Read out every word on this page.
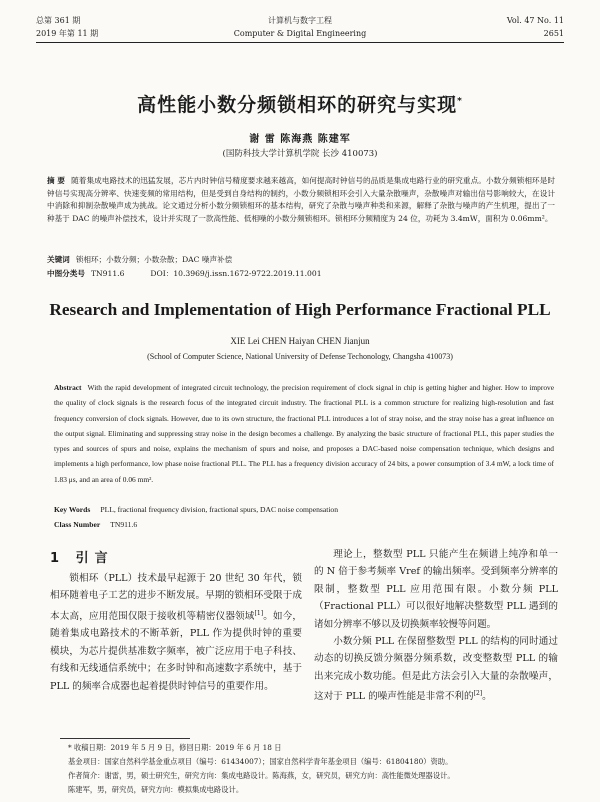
总第 361 期
2019 年第 11 期
计算机与数字工程
Computer & Digital Engineering
Vol. 47 No. 11
2651
高性能小数分频锁相环的研究与实现*
谢 雷 陈海燕 陈建军
(国防科技大学计算机学院 长沙 410073)
摘 要 随着集成电路技术的迅猛发展，芯片内时钟信号精度要求越来越高，如何提高时钟信号的品质是集成电路行业的研究重点。小数分频锁相环是时钟信号实现高分辨率、快速变频的常用结构，但是受到自身结构的制约，小数分频锁相环会引入大量杂散噪声，杂散噪声对输出信号影响较大，在设计中消除和抑制杂散噪声成为挑战。论文通过分析小数分频锁相环的基本结构，研究了杂散与噪声种类和来源，解释了杂散与噪声的产生机理，提出了一种基于 DAC 的噪声补偿技术，设计并实现了一款高性能、低相噪的小数分频锁相环。锁相环分频精度为 24 位，功耗为 3.4mW，面积为 0.06mm²。
关键词 锁相环；小数分频；小数杂散；DAC 噪声补偿
中图分类号 TN911.6	DOI：10.3969/j.issn.1672-9722.2019.11.001
Research and Implementation of High Performance Fractional PLL
XIE Lei CHEN Haiyan CHEN Jianjun
(School of Computer Science, National University of Defense Techonology, Changsha 410073)
Abstract With the rapid development of integrated circuit technology, the precision requirement of clock signal in chip is getting higher and higher. How to improve the quality of clock signals is the research focus of the integrated circuit industry. The fractional PLL is a common structure for realizing high-resolution and fast frequency conversion of clock signals. However, due to its own structure, the fractional PLL introduces a lot of stray noise, and the stray noise has a great influence on the output signal. Eliminating and suppressing stray noise in the design becomes a challenge. By analyzing the basic structure of fractional PLL, this paper studies the types and sources of spurs and noise, explains the mechanism of spurs and noise, and proposes a DAC-based noise compensation technique, which designs and implements a high performance, low phase noise fractional PLL. The PLL has a frequency division accuracy of 24 bits, a power consumption of 3.4 mW, a lock time of 1.83 μs, and an area of 0.06 mm².
Key Words PLL, fractional frequency division, fractional spurs, DAC noise compensation
Class Number TN911.6
1 引言
锁相环（PLL）技术最早起源于 20 世纪 30 年代，锁相环随着电子工艺的进步不断发展。早期的锁相环受限于成本太高，应用范围仅限于接收机等精密仪器领域[1]。如今，随着集成电路技术的不断革新，PLL 作为提供时钟的重要模块，为芯片提供基准数字频率，被广泛应用于电子科技、有线和无线通信系统中；在多时钟和高速数字系统中，基于 PLL 的频率合成器也起着提供时钟信号的重要作用。

理论上，整数型 PLL 只能产生在频谱上纯净和单一的 N 倍于参考频率 Vref 的输出频率。受到频率分辨率的限制，整数型 PLL 应用范围有限。小数分频 PLL（Fractional PLL）可以很好地解决整数型 PLL 遇到的诸如分辨率不够以及切换频率较慢等问题。

小数分频 PLL 在保留整数型 PLL 的结构的同时通过动态的切换反馈分频器分频系数，改变整数型 PLL 的输出来完成小数功能。但是此方法会引入大量的杂散噪声，这对于 PLL 的噪声性能是非常不利的[2]。

* 收稿日期：2019 年 5 月 9 日，修回日期：2019 年 6 月 18 日
基金项目：国家自然科学基金重点项目（编号：61434007）；国家自然科学青年基金项目（编号：61804180）资助。
作者简介：谢雷，男，硕士研究生，研究方向：集成电路设计。陈海燕，女，研究员，研究方向：高性能微处理器设计。
陈建军，男，研究员，研究方向：模拟集成电路设计。
